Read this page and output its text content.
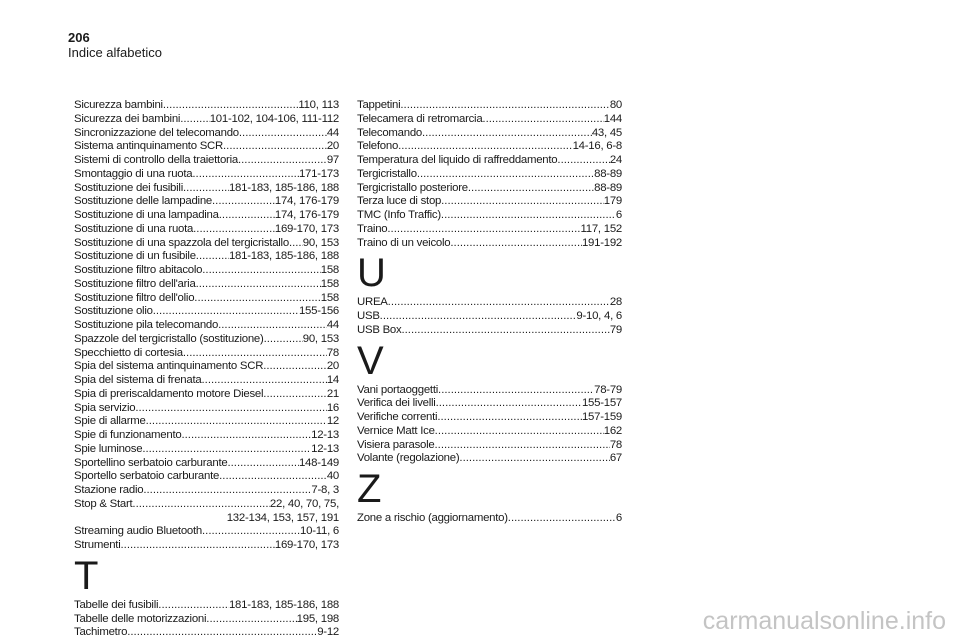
206
Indice alfabetico
Sicurezza bambini .....	110, 113
Sicurezza dei bambini .....	101-102, 104-106, 111-112
Sincronizzazione del telecomando .....	44
Sistema antinquinamento SCR .....	20
Sistemi di controllo della traiettoria .....	97
Smontaggio di una ruota .....	171-173
Sostituzione dei fusibili .....	181-183, 185-186, 188
Sostituzione delle lampadine .....	174, 176-179
Sostituzione di una lampadina .....	174, 176-179
Sostituzione di una ruota .....	169-170, 173
Sostituzione di una spazzola del tergicristallo ..... 90, 153
Sostituzione di un fusibile .....	181-183, 185-186, 188
Sostituzione filtro abitacolo .....	158
Sostituzione filtro dell'aria .....	158
Sostituzione filtro dell'olio .....	158
Sostituzione olio .....	155-156
Sostituzione pila telecomando .....	44
Spazzole del tergicristallo (sostituzione) .....	90, 153
Specchietto di cortesia .....	78
Spia del sistema antinquinamento SCR .....	20
Spia del sistema di frenata .....	14
Spia di preriscaldamento motore Diesel .....	21
Spia servizio .....	16
Spie di allarme .....	12
Spie di funzionamento .....	12-13
Spie luminose .....	12-13
Sportellino serbatoio carburante .....	148-149
Sportello serbatoio carburante .....	40
Stazione radio .....	7-8, 3
Stop & Start .....	22, 40, 70, 75,
132-134, 153, 157, 191
Streaming audio Bluetooth .....	10-11, 6
Strumenti .....	169-170, 173
T
Tabelle dei fusibili .....	181-183, 185-186, 188
Tabelle delle motorizzazioni .....	195, 198
Tachimetro .....	9-12
Tappetini .....	80
Telecamera di retromarcia .....	144
Telecomando .....	43, 45
Telefono .....	14-16, 6-8
Temperatura del liquido di raffreddamento .....	24
Tergicristallo .....	88-89
Tergicristallo posteriore .....	88-89
Terza luce di stop .....	179
TMC (Info Traffic) .....	6
Traino .....	117, 152
Traino di un veicolo .....	191-192
U
UREA .....	28
USB .....	9-10, 4, 6
USB Box .....	79
V
Vani portaoggetti .....	78-79
Verifica dei livelli .....	155-157
Verifiche correnti .....	157-159
Vernice Matt Ice .....	162
Visiera parasole .....	78
Volante (regolazione) .....	67
Z
Zone a rischio (aggiornamento) .....	6
carmanualsonline.info
